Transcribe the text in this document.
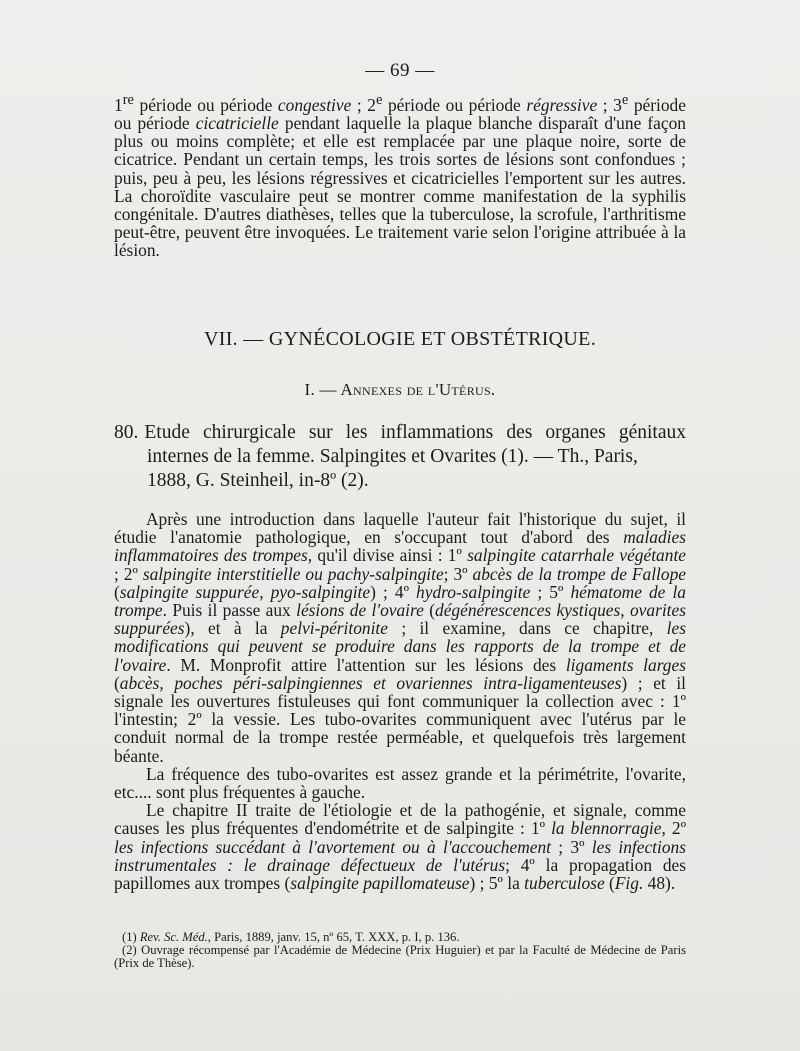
— 69 —

1re période ou période congestive ; 2e période ou période régressive ; 3e période ou période cicatricielle pendant laquelle la plaque blanche disparaît d'une façon plus ou moins complète; et elle est remplacée par une plaque noire, sorte de cicatrice. Pendant un certain temps, les trois sortes de lésions sont confondues ; puis, peu à peu, les lésions régressives et cicatricielles l'emportent sur les autres. La choroïdite vasculaire peut se montrer comme manifestation de la syphilis congénitale. D'autres diathèses, telles que la tuberculose, la scrofule, l'arthritisme peut-être, peuvent être invoquées. Le traitement varie selon l'origine attribuée à la lésion.

VII. — GYNÉCOLOGIE ET OBSTÉTRIQUE.
I. — Annexes de l'Utérus.
80. Etude chirurgicale sur les inflammations des organes génitaux
internes de la femme. Salpingites et Ovarites (1). — Th., Paris,
1888, G. Steinheil, in-8º (2).

Après une introduction dans laquelle l'auteur fait l'historique du sujet, il étudie l'anatomie pathologique, en s'occupant tout d'abord des maladies inflammatoires des trompes, qu'il divise ainsi : 1º salpingite catarrhale végétante ; 2º salpingite interstitielle ou pachy-salpingite; 3º abcès de la trompe de Fallope (salpingite suppurée, pyo-salpingite) ; 4º hydro-salpingite ; 5º hématome de la trompe. Puis il passe aux lésions de l'ovaire (dégénérescences kystiques, ovarites suppurées), et à la pelvi-péritonite ; il examine, dans ce chapitre, les modifications qui peuvent se produire dans les rapports de la trompe et de l'ovaire. M. Monprofit attire l'attention sur les lésions des ligaments larges (abcès, poches péri-salpingiennes et ovariennes intra-ligamenteuses) ; et il signale les ouvertures fistuleuses qui font communiquer la collection avec : 1º l'intestin; 2º la vessie. Les tubo-ovarites communiquent avec l'utérus par le conduit normal de la trompe restée perméable, et quelquefois très largement béante.

La fréquence des tubo-ovarites est assez grande et la périmétrite, l'ovarite, etc.... sont plus fréquentes à gauche.

Le chapitre II traite de l'étiologie et de la pathogénie, et signale, comme causes les plus fréquentes d'endométrite et de salpingite : 1º la blennorragie, 2º les infections succédant à l'avortement ou à l'accouchement ; 3º les infections instrumentales : le drainage défectueux de l'utérus; 4º la propagation des papillomes aux trompes (salpingite papillomateuse) ; 5º la tuberculose (Fig. 48).

(1) Rev. Sc. Méd., Paris, 1889, janv. 15, nº 65, T. XXX, p. I, p. 136.

(2) Ouvrage récompensé par l'Académie de Médecine (Prix Huguier) et par la Faculté de Médecine de Paris (Prix de Thèse).
